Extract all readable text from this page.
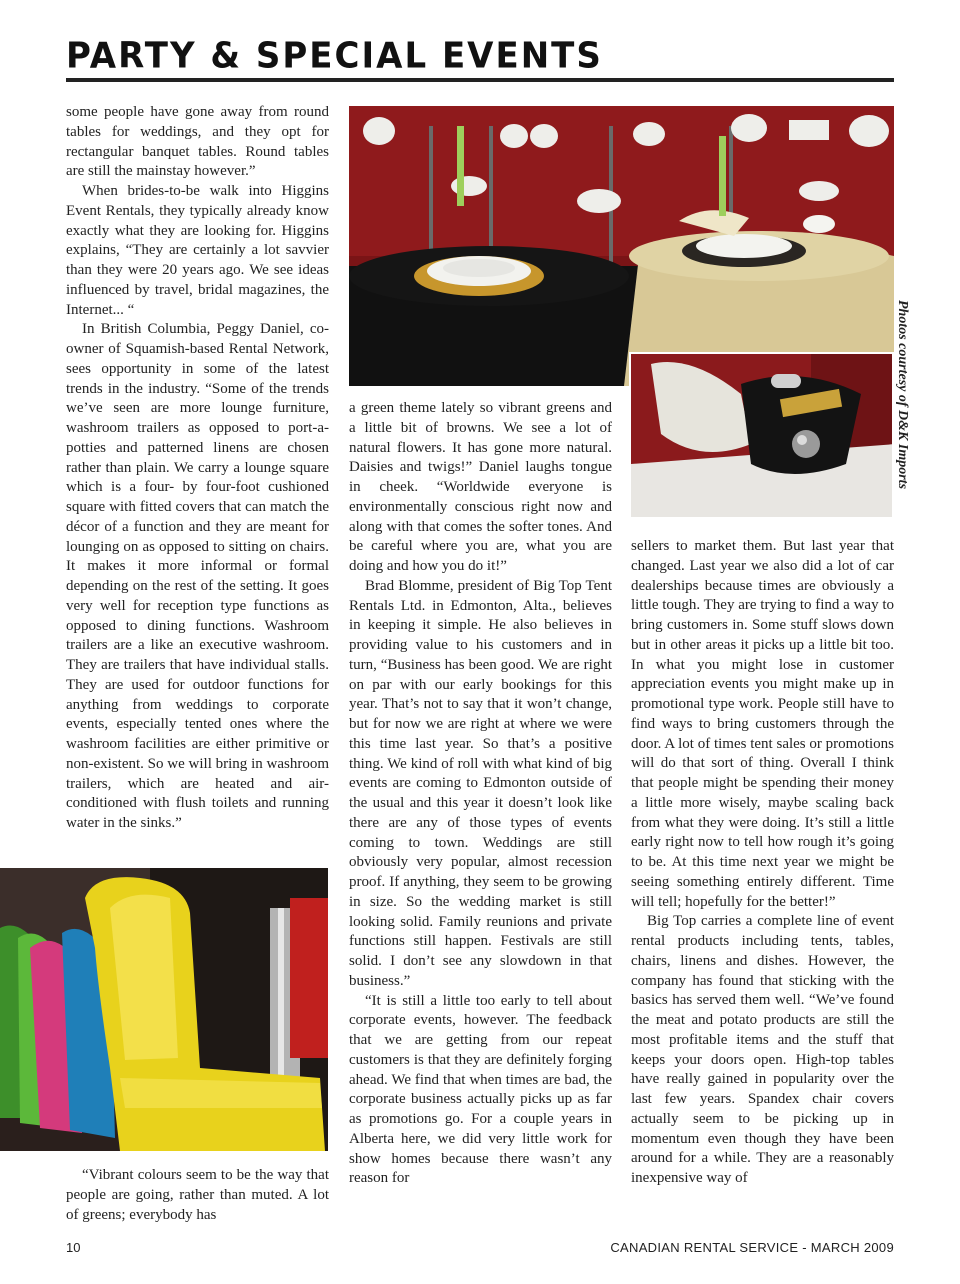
PARTY & SPECIAL EVENTS

some people have gone away from round tables for weddings, and they opt for rectangular banquet tables. Round tables are still the mainstay however.”

When brides-to-be walk into Higgins Event Rentals, they typically already know exactly what they are looking for. Higgins explains, “They are certainly a lot savvier than they were 20 years ago. We see ideas influenced by travel, bridal magazines, the Internet... “

In British Columbia, Peggy Daniel, co-owner of Squamish-based Rental Network, sees opportunity in some of the latest trends in the industry. “Some of the trends we’ve seen are more lounge furniture, washroom trailers as opposed to port-a-potties and patterned linens are chosen rather than plain. We carry a lounge square which is a four- by four-foot cushioned square with fitted covers that can match the décor of a function and they are meant for lounging on as opposed to sitting on chairs. It makes it more informal or formal depending on the rest of the setting. It goes very well for reception type functions as opposed to dining functions. Washroom trailers are a like an executive washroom. They are trailers that have individual stalls. They are used for outdoor functions for anything from weddings to corporate events, especially tented ones where the washroom facilities are either primitive or non-existent. So we will bring in washroom trailers, which are heated and air-conditioned with flush toilets and running water in the sinks.”

“Vibrant colours seem to be the way that people are going, rather than muted. A lot of greens; everybody has

Photos courtesy of D&K Imports

a green theme lately so vibrant greens and a little bit of browns. We see a lot of natural flowers. It has gone more natural. Daisies and twigs!” Daniel laughs tongue in cheek. “Worldwide everyone is environmentally conscious right now and along with that comes the softer tones. And be careful where you are, what you are doing and how you do it!”

Brad Blomme, president of Big Top Tent Rentals Ltd. in Edmonton, Alta., believes in keeping it simple. He also believes in providing value to his customers and in turn, “Business has been good. We are right on par with our early bookings for this year. That’s not to say that it won’t change, but for now we are right at where we were this time last year. So that’s a positive thing. We kind of roll with what kind of big events are coming to Edmonton outside of the usual and this year it doesn’t look like there are any of those types of events coming to town. Weddings are still obviously very popular, almost recession proof. If anything, they seem to be growing in size. So the wedding market is still looking solid. Family reunions and private functions still happen. Festivals are still solid. I don’t see any slowdown in that business.”

“It is still a little too early to tell about corporate events, however. The feedback that we are getting from our repeat customers is that they are definitely forging ahead. We find that when times are bad, the corporate business actually picks up as far as promotions go. For a couple years in Alberta here, we did very little work for show homes because there wasn’t any reason for

sellers to market them. But last year that changed. Last year we also did a lot of car dealerships because times are obviously a little tough. They are trying to find a way to bring customers in. Some stuff slows down but in other areas it picks up a little bit too. In what you might lose in customer appreciation events you might make up in promotional type work. People still have to find ways to bring customers through the door. A lot of times tent sales or promotions will do that sort of thing. Overall I think that people might be spending their money a little more wisely, maybe scaling back from what they were doing. It’s still a little early right now to tell how rough it’s going to be. At this time next year we might be seeing something entirely different. Time will tell; hopefully for the better!”

Big Top carries a complete line of event rental products including tents, tables, chairs, linens and dishes. However, the company has found that sticking with the basics has served them well. “We’ve found the meat and potato products are still the most profitable items and the stuff that keeps your doors open. High-top tables have really gained in popularity over the last few years. Spandex chair covers actually seem to be picking up in momentum even though they have been around for a while. They are a reasonably inexpensive way of

10	CANADIAN RENTAL SERVICE - MARCH 2009
